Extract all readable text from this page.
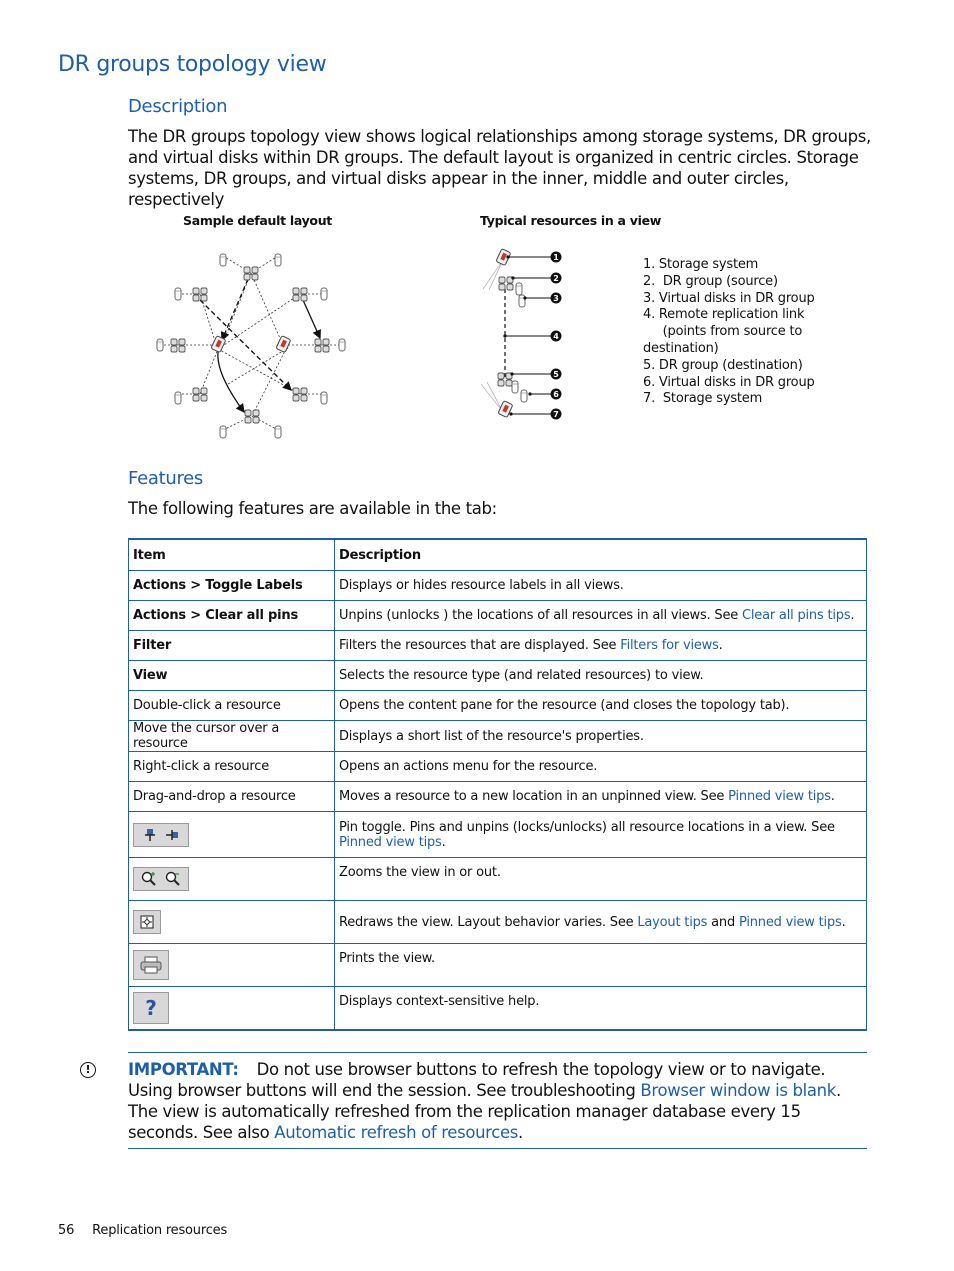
DR groups topology view
Description

The DR groups topology view shows logical relationships among storage systems, DR groups, and virtual disks within DR groups. The default layout is organized in centric circles. Storage systems, DR groups, and virtual disks appear in the inner, middle and outer circles, respectively

Sample default layout	Typical resources in a view
1
2
3
4
5
6
7
1. Storage system
2.  DR group (source)
3. Virtual disks in DR group
4. Remote replication link
(points from source to
destination)
5. DR group (destination)
6. Virtual disks in DR group
7.  Storage system
Features

The following features are available in the tab:

Item	Description
Actions > Toggle Labels	Displays or hides resource labels in all views.
Actions > Clear all pins	Unpins (unlocks ) the locations of all resources in all views. See Clear all pins tips.
Filter	Filters the resources that are displayed. See Filters for views.
View	Selects the resource type (and related resources) to view.
Double-click a resource	Opens the content pane for the resource (and closes the topology tab).
Move the cursor over a resource	Displays a short list of the resource's properties.
Right-click a resource	Opens an actions menu for the resource.
Drag-and-drop a resource	Moves a resource to a new location in an unpinned view. See Pinned view tips.

	Pin toggle. Pins and unpins (locks/unlocks) all resource locations in a view. See Pinned view tips.

	Zooms the view in or out.

	Redraws the view. Layout behavior varies. See Layout tips and Pinned view tips.

	Prints the view.

?	Displays context-sensitive help.
!	IMPORTANT: Do not use browser buttons to refresh the topology view or to navigate. Using browser buttons will end the session. See troubleshooting Browser window is blank. The view is automatically refreshed from the replication manager database every 15 seconds. See also Automatic refresh of resources.

56 Replication resources
